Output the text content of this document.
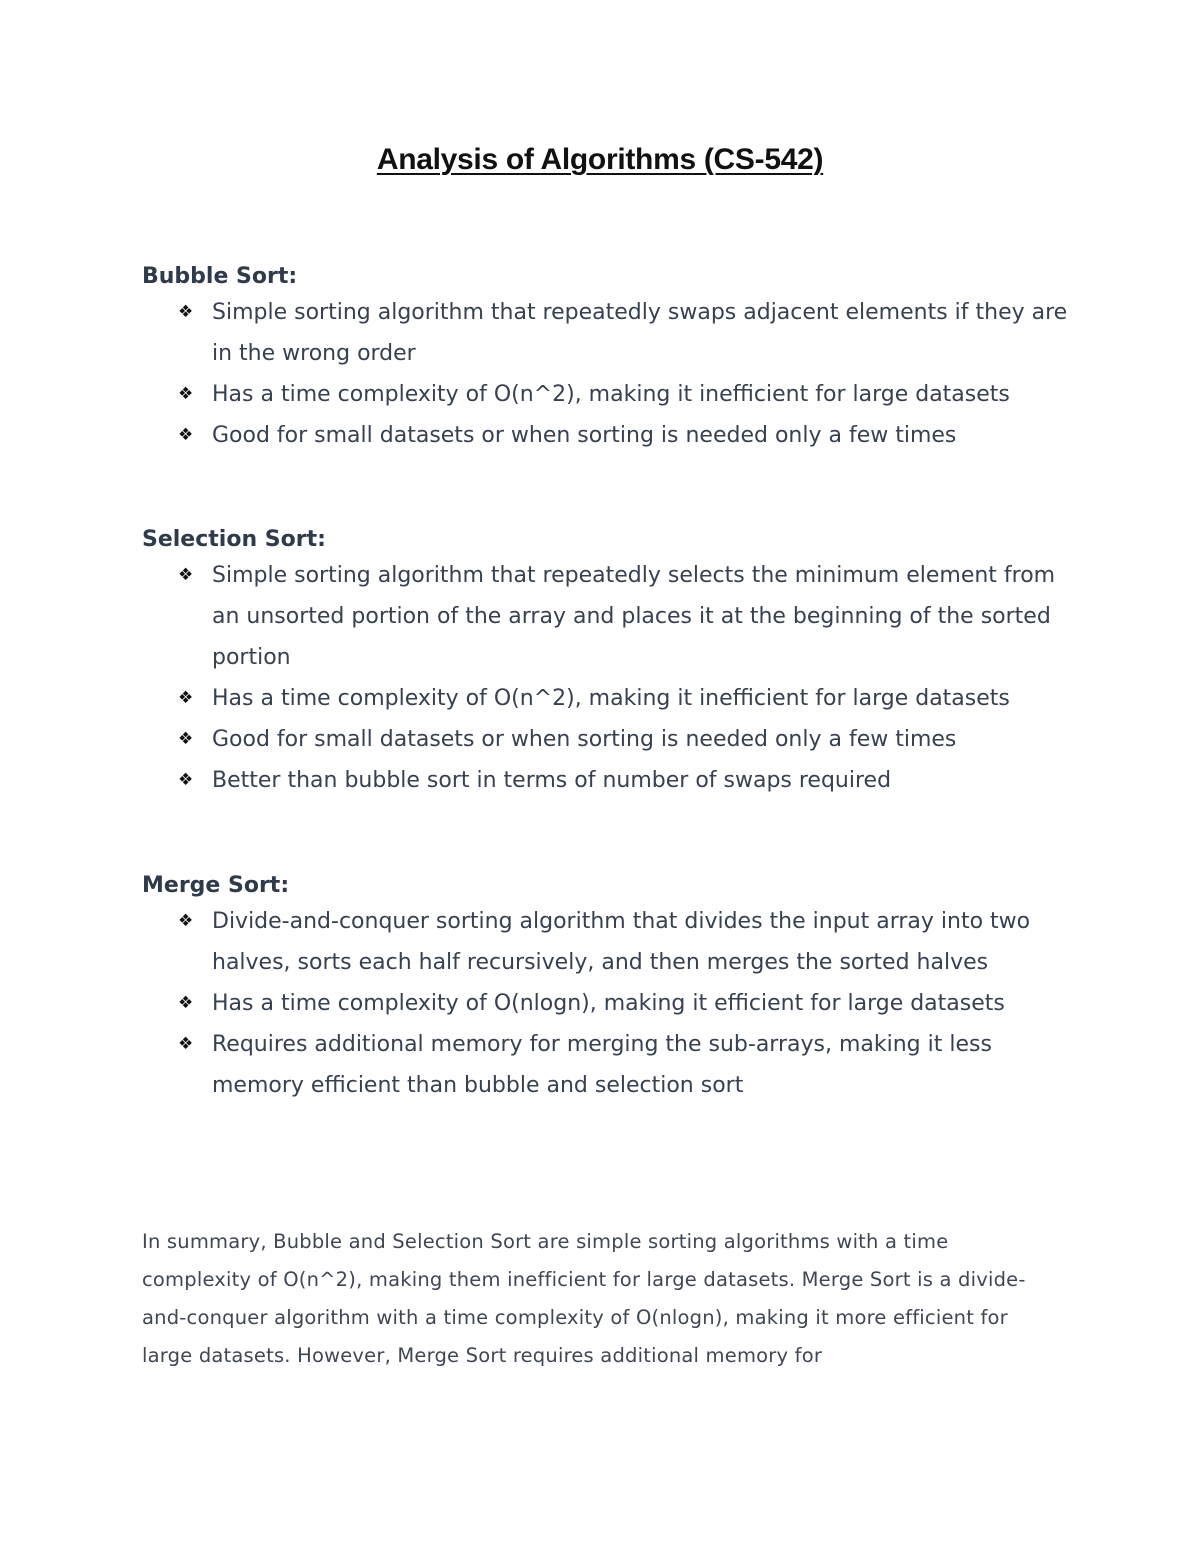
Analysis of Algorithms (CS-542)
Bubble Sort:
❖ Simple sorting algorithm that repeatedly swaps adjacent elements if they are in the wrong order
❖ Has a time complexity of O(n^2), making it inefficient for large datasets
❖ Good for small datasets or when sorting is needed only a few times
Selection Sort:
❖ Simple sorting algorithm that repeatedly selects the minimum element from an unsorted portion of the array and places it at the beginning of the sorted portion
❖ Has a time complexity of O(n^2), making it inefficient for large datasets
❖ Good for small datasets or when sorting is needed only a few times
❖ Better than bubble sort in terms of number of swaps required
Merge Sort:
❖ Divide-and-conquer sorting algorithm that divides the input array into two halves, sorts each half recursively, and then merges the sorted halves
❖ Has a time complexity of O(nlogn), making it efficient for large datasets
❖ Requires additional memory for merging the sub-arrays, making it less memory efficient than bubble and selection sort

In summary, Bubble and Selection Sort are simple sorting algorithms with a time complexity of O(n^2), making them inefficient for large datasets. Merge Sort is a divide-and-conquer algorithm with a time complexity of O(nlogn), making it more efficient for large datasets. However, Merge Sort requires additional memory for
